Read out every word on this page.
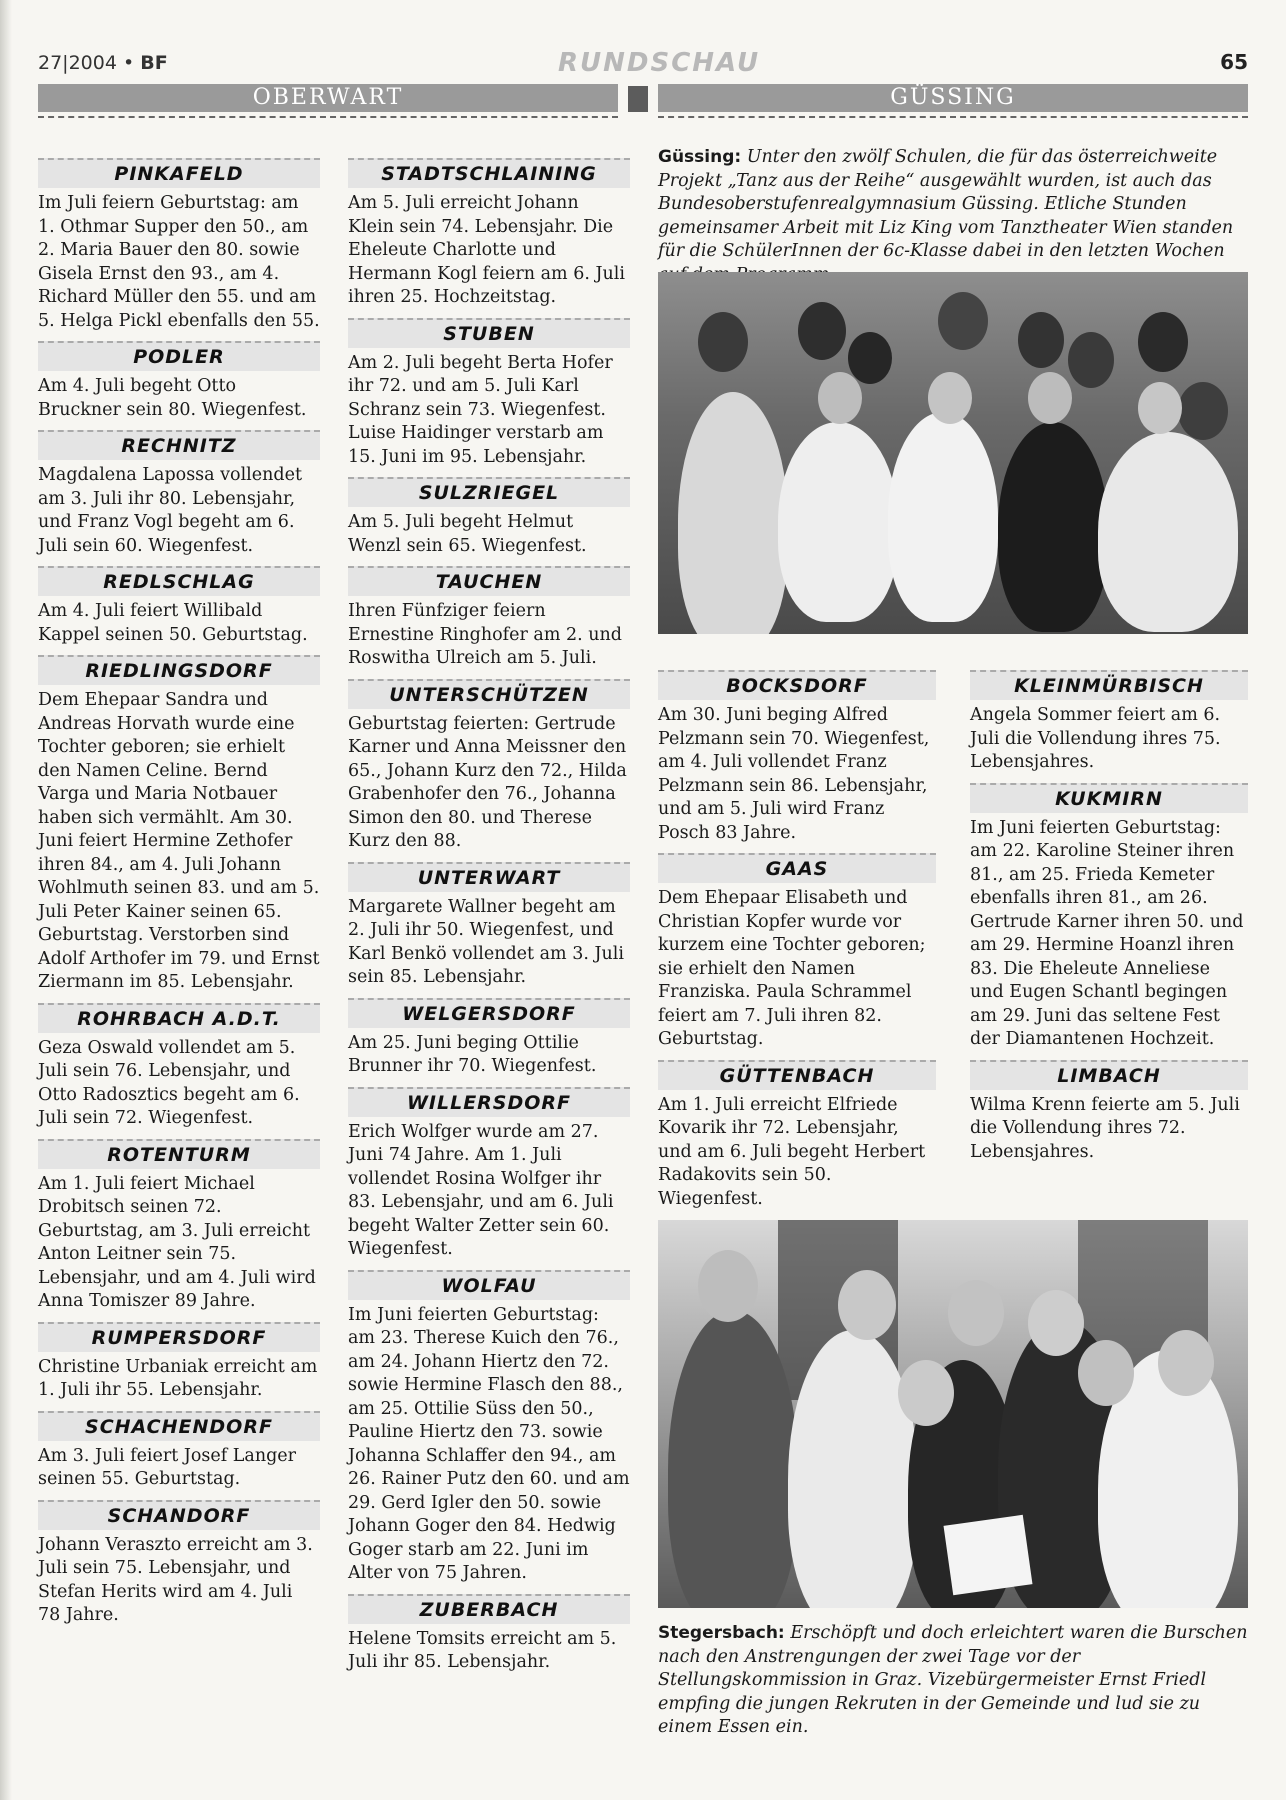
27|2004 • BF	RUNDSCHAU	65
OBERWART	GÜSSING
PINKAFELD
Im Juli feiern Geburtstag: am 1. Othmar Supper den 50., am 2. Maria Bauer den 80. sowie Gisela Ernst den 93., am 4. Richard Müller den 55. und am 5. Helga Pickl ebenfalls den 55.
PODLER
Am 4. Juli begeht Otto Bruckner sein 80. Wiegenfest.
RECHNITZ
Magdalena Lapossa vollendet am 3. Juli ihr 80. Lebensjahr, und Franz Vogl begeht am 6. Juli sein 60. Wiegenfest.
REDLSCHLAG
Am 4. Juli feiert Willibald Kappel seinen 50. Geburtstag.
RIEDLINGSDORF
Dem Ehepaar Sandra und Andreas Horvath wurde eine Tochter geboren; sie erhielt den Namen Celine. Bernd Varga und Maria Notbauer haben sich vermählt. Am 30. Juni feiert Hermine Zethofer ihren 84., am 4. Juli Johann Wohlmuth seinen 83. und am 5. Juli Peter Kainer seinen 65. Geburtstag. Verstorben sind Adolf Arthofer im 79. und Ernst Ziermann im 85. Lebensjahr.
ROHRBACH A.D.T.
Geza Oswald vollendet am 5. Juli sein 76. Lebensjahr, und Otto Radosztics begeht am 6. Juli sein 72. Wiegenfest.
ROTENTURM
Am 1. Juli feiert Michael Drobitsch seinen 72. Geburtstag, am 3. Juli erreicht Anton Leitner sein 75. Lebensjahr, und am 4. Juli wird Anna Tomiszer 89 Jahre.
RUMPERSDORF
Christine Urbaniak erreicht am 1. Juli ihr 55. Lebensjahr.
SCHACHENDORF
Am 3. Juli feiert Josef Langer seinen 55. Geburtstag.
SCHANDORF
Johann Veraszto erreicht am 3. Juli sein 75. Lebensjahr, und Stefan Herits wird am 4. Juli 78 Jahre.
STADTSCHLAINING
Am 5. Juli erreicht Johann Klein sein 74. Lebensjahr. Die Eheleute Charlotte und Hermann Kogl feiern am 6. Juli ihren 25. Hochzeitstag.
STUBEN
Am 2. Juli begeht Berta Hofer ihr 72. und am 5. Juli Karl Schranz sein 73. Wiegenfest. Luise Haidinger verstarb am 15. Juni im 95. Lebensjahr.
SULZRIEGEL
Am 5. Juli begeht Helmut Wenzl sein 65. Wiegenfest.
TAUCHEN
Ihren Fünfziger feiern Ernestine Ringhofer am 2. und Roswitha Ulreich am 5. Juli.
UNTERSCHÜTZEN
Geburtstag feierten: Gertrude Karner und Anna Meissner den 65., Johann Kurz den 72., Hilda Grabenhofer den 76., Johanna Simon den 80. und Therese Kurz den 88.
UNTERWART
Margarete Wallner begeht am 2. Juli ihr 50. Wiegenfest, und Karl Benkö vollendet am 3. Juli sein 85. Lebensjahr.
WELGERSDORF
Am 25. Juni beging Ottilie Brunner ihr 70. Wiegenfest.
WILLERSDORF
Erich Wolfger wurde am 27. Juni 74 Jahre. Am 1. Juli vollendet Rosina Wolfger ihr 83. Lebensjahr, und am 6. Juli begeht Walter Zetter sein 60. Wiegenfest.
WOLFAU
Im Juni feierten Geburtstag: am 23. Therese Kuich den 76., am 24. Johann Hiertz den 72. sowie Hermine Flasch den 88., am 25. Ottilie Süss den 50., Pauline Hiertz den 73. sowie Johanna Schlaffer den 94., am 26. Rainer Putz den 60. und am 29. Gerd Igler den 50. sowie Johann Goger den 84. Hedwig Goger starb am 22. Juni im Alter von 75 Jahren.
ZUBERBACH
Helene Tomsits erreicht am 5. Juli ihr 85. Lebensjahr.
Güssing: Unter den zwölf Schulen, die für das österreichweite Projekt „Tanz aus der Reihe“ ausgewählt wurden, ist auch das Bundesoberstufenrealgymnasium Güssing. Etliche Stunden gemeinsamer Arbeit mit Liz King vom Tanztheater Wien standen für die SchülerInnen der 6c-Klasse dabei in den letzten Wochen
BOCKSDORF
Am 30. Juni beging Alfred Pelzmann sein 70. Wiegenfest, am 4. Juli vollendet Franz Pelzmann sein 86. Lebensjahr, und am 5. Juli wird Franz Posch 83 Jahre.
GAAS
Dem Ehepaar Elisabeth und Christian Kopfer wurde vor kurzem eine Tochter geboren; sie erhielt den Namen Franziska. Paula Schrammel feiert am 7. Juli ihren 82. Geburtstag.
GÜTTENBACH
Am 1. Juli erreicht Elfriede Kovarik ihr 72. Lebensjahr, und am 6. Juli begeht Herbert Radakovits sein 50. Wiegenfest.
KLEINMÜRBISCH
Angela Sommer feiert am 6. Juli die Vollendung ihres 75. Lebensjahres.
KUKMIRN
Im Juni feierten Geburtstag: am 22. Karoline Steiner ihren 81., am 25. Frieda Kemeter ebenfalls ihren 81., am 26. Gertrude Karner ihren 50. und am 29. Hermine Hoanzl ihren 83. Die Eheleute Anneliese und Eugen Schantl begingen am 29. Juni das seltene Fest der Diamantenen Hochzeit.
LIMBACH
Wilma Krenn feierte am 5. Juli die Vollendung ihres 72. Lebensjahres.
Stegersbach: Erschöpft und doch erleichtert waren die Burschen nach den Anstrengungen der zwei Tage vor der Stellungskommission in Graz. Vizebürgermeister Ernst Friedl empfing die jungen Rekruten in der Gemeinde und lud sie zu einem Essen ein.
